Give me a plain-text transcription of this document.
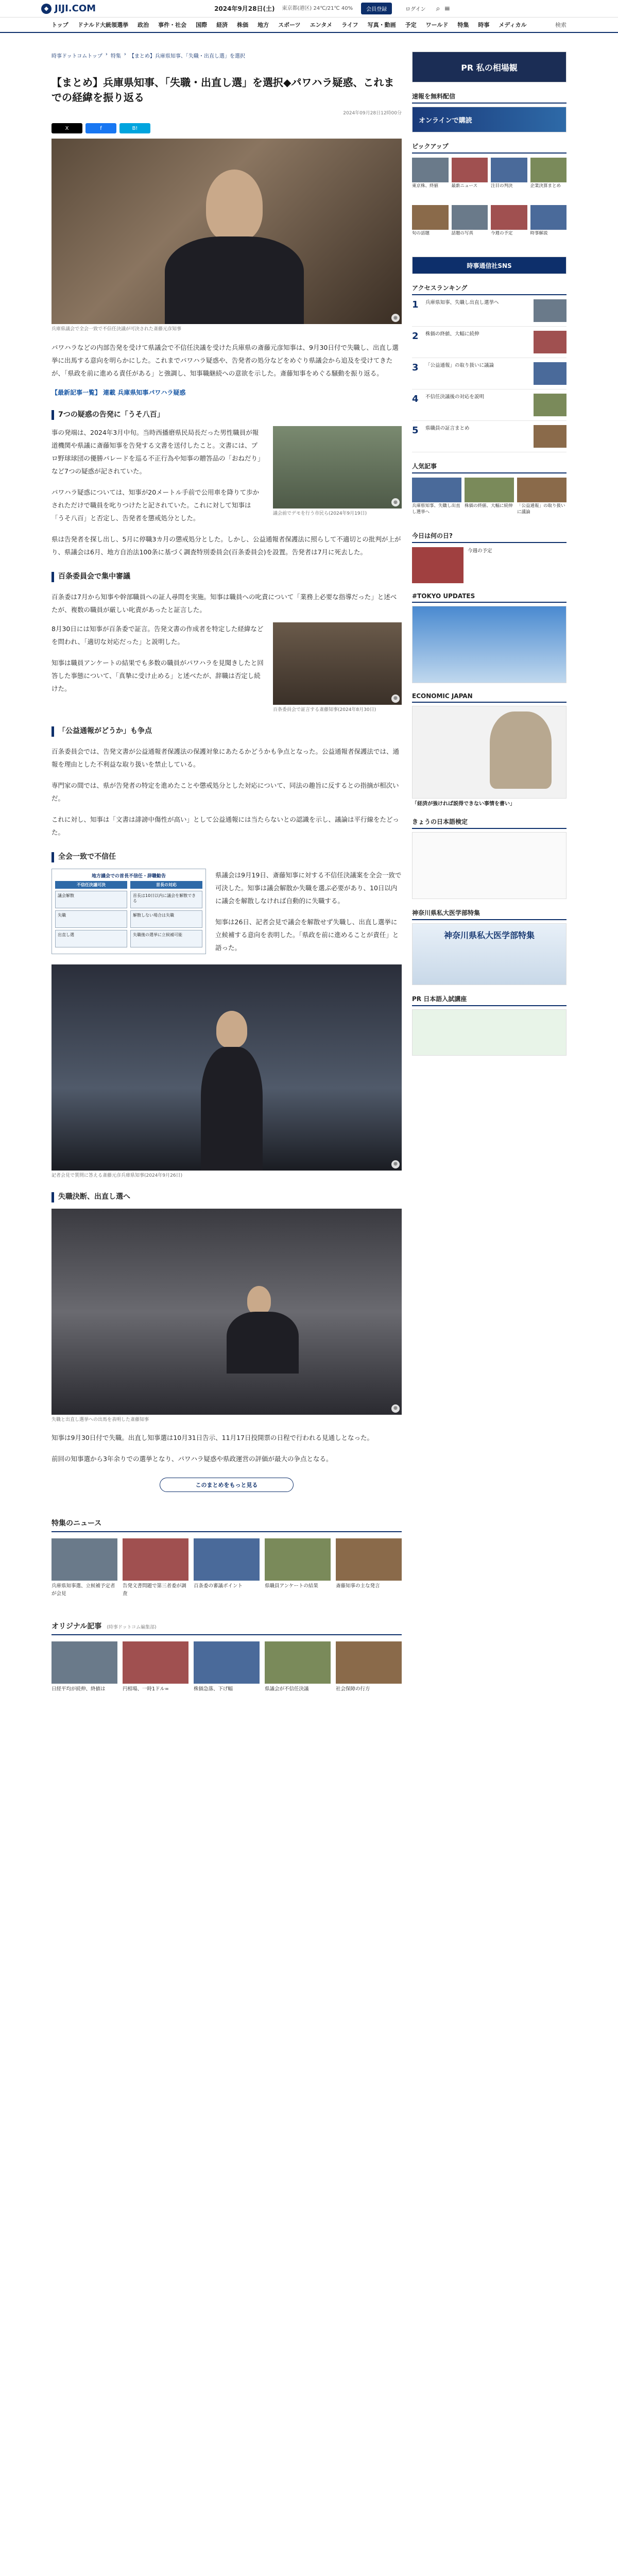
◆ JIJI.COM	2024年9月28日(土) 東京都(港区) 24℃/21℃ 40%	会員登録	ログイン	⌕ ≡
トップ ドナルド大統領選挙 政治 事件・社会 国際 経済 株価 地方 スポーツ エンタメ ライフ 写真・動画 予定 ワールド 特集 時事 メディカル	検索
時事ドットコムトップ › 特集 › 【まとめ】兵庫県知事、「失職・出直し選」を選択
【まとめ】兵庫県知事、「失職・出直し選」を選択◆パワハラ疑惑、これまでの経緯を振り返る
2024年09月28日12時00分
X	f	B!
⊕
兵庫県議会で全会一致で不信任決議が可決された斎藤元彦知事

パワハラなどの内部告発を受けて県議会で不信任決議を受けた兵庫県の斎藤元彦知事は、9月30日付で失職し、出直し選挙に出馬する意向を明らかにした。これまでパワハラ疑惑や、告発者の処分などをめぐり県議会から追及を受けてきたが、「県政を前に進める責任がある」と強調し、知事職継続への意欲を示した。斎藤知事をめぐる騒動を振り返る。

【最新記事一覧】 連載 兵庫県知事パワハラ疑惑
7つの疑惑の告発に「うそ八百」

事の発端は、2024年3月中旬。当時西播磨県民局長だった男性職員が報道機関や県議に斎藤知事を告発する文書を送付したこと。文書には、プロ野球球団の優勝パレードを巡る不正行為や知事の贈答品の「おねだり」など7つの疑惑が記されていた。

パワハラ疑惑については、知事が20メートル手前で公用車を降りて歩かされただけで職員を叱りつけたと記されていた。これに対して知事は「うそ八百」と否定し、告発者を懲戒処分とした。

⊕
議会前でデモを行う市民ら(2024年9月19日)

県は告発者を探し出し、5月に停職3カ月の懲戒処分とした。しかし、公益通報者保護法に照らして不適切との批判が上がり、県議会は6月、地方自治法100条に基づく調査特別委員会(百条委員会)を設置。告発者は7月に死去した。

百条委員会で集中審議

百条委は7月から知事や幹部職員への証人尋問を実施。知事は職員への叱責について「業務上必要な指導だった」と述べたが、複数の職員が厳しい叱責があったと証言した。

8月30日には知事が百条委で証言。告発文書の作成者を特定した経緯などを問われ、「適切な対応だった」と説明した。

知事は職員アンケートの結果でも多数の職員がパワハラを見聞きしたと回答した事態について、「真摯に受け止める」と述べたが、辞職は否定し続けた。

⊕
百条委員会で証言する斎藤知事(2024年8月30日)
「公益通報がどうか」も争点

百条委員会では、告発文書が公益通報者保護法の保護対象にあたるかどうかも争点となった。公益通報者保護法では、通報を理由とした不利益な取り扱いを禁止している。

専門家の間では、県が告発者の特定を進めたことや懲戒処分とした対応について、同法の趣旨に反するとの指摘が相次いだ。

これに対し、知事は「文書は誹謗中傷性が高い」として公益通報には当たらないとの認識を示し、議論は平行線をたどった。

全会一致で不信任
地方議会での首長不信任・辞職勧告
不信任決議可決	首長の対応
議会解散	首長は10日以内に議会を解散できる
失職	解散しない場合は失職
出直し選	失職後の選挙に立候補可能

県議会は9月19日、斎藤知事に対する不信任決議案を全会一致で可決した。知事は議会解散か失職を選ぶ必要があり、10日以内に議会を解散しなければ自動的に失職する。

知事は26日、記者会見で議会を解散せず失職し、出直し選挙に立候補する意向を表明した。「県政を前に進めることが責任」と語った。

⊕
記者会見で質問に答える斎藤元彦兵庫県知事(2024年9月26日)
失職決断、出直し選へ
⊕
失職と出直し選挙への出馬を表明した斎藤知事

知事は9月30日付で失職。出直し知事選は10月31日告示、11月17日投開票の日程で行われる見通しとなった。

前回の知事選から3年余りでの選挙となり、パワハラ疑惑や県政運営の評価が最大の争点となる。

このまとめをもっと見る
特集のニュース
兵庫県知事選、立候補予定者が会見
告発文書問題で第三者委が調査
百条委の審議ポイント	県職員アンケートの結果	斎藤知事の主な発言
オリジナル記事 (時事ドットコム編集部)
日経平均が続伸、終値は	円相場、一時1ドル=	株価急落、下げ幅	県議会が不信任決議	社会保障の行方
PR 私の相場観
速報を無料配信
オンラインで購読
ピックアップ
東京株、終値	最新ニュース	注目の判決	企業決算まとめ
旬の話題	話題の写真	今週の予定	時事解説
時事通信社SNS
アクセスランキング
1	兵庫県知事、失職し出直し選挙へ
2	株価の終値、大幅に続伸
3	「公益通報」の取り扱いに議論
4	不信任決議後の対応を説明
5	県職員の証言まとめ
人気記事
兵庫県知事、失職し出直し選挙へ
株価の終値、大幅に続伸 「公益通報」の取り扱いに議論
今日は何の日?
今週の予定
#TOKYO UPDATES
ECONOMIC JAPAN
「経済が強ければ説得できない事情を書い」
きょうの日本語検定
神奈川県私大医学部特集
神奈川県私大医学部特集
PR 日本語入試講座
